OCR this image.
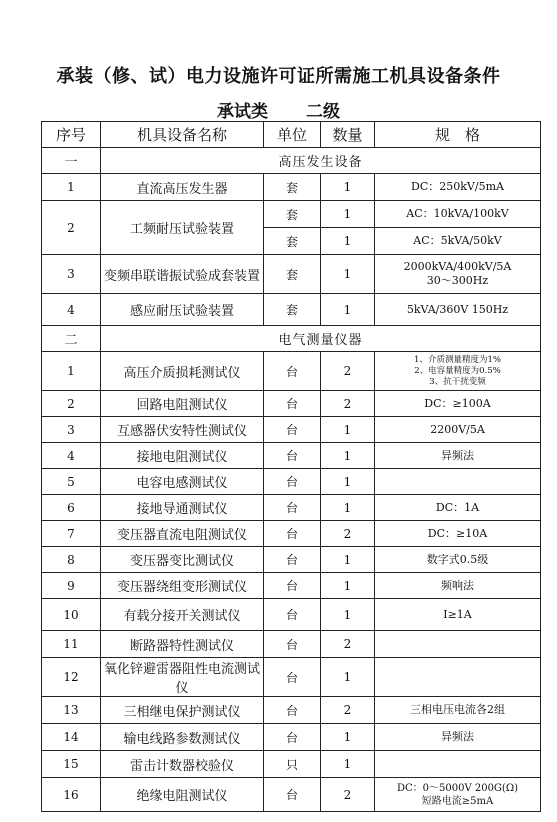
承装（修、试）电力设施许可证所需施工机具设备条件
承试类 二级
序号	机具设备名称	单位	数量	规　格
一	高压发生设备			
1	直流高压发生器	套	1	DC：250kV/5mA
2	工频耐压试验装置	套	1	AC：10kVA/100kV
		套	1	AC：5kVA/50kV
3	变频串联谐振试验成套装置	套	1	2000kVA/400kV/5A
30～300Hz

4	感应耐压试验装置	套	1	5kVA/360V 150Hz
二	电气测量仪器			
1	高压介质损耗测试仪	台	2	1、介质测量精度为1%
2、电容量精度为0.5%
3、抗干扰变频

2	回路电阻测试仪	台	2	DC：≥100A
3	互感器伏安特性测试仪	台	1	2200V/5A
4	接地电阻测试仪	台	1	异频法
5	电容电感测试仪	台	1	
6	接地导通测试仪	台	1	DC：1A
7	变压器直流电阻测试仪	台	2	DC：≥10A
8	变压器变比测试仪	台	1	数字式0.5级
9	变压器绕组变形测试仪	台	1	频响法
10	有载分接开关测试仪	台	1	I≥1A
11	断路器特性测试仪	台	2	
12	氧化锌避雷器阻性电流测试仪	台	1	
13	三相继电保护测试仪	台	2	三相电压电流各2组
14	输电线路参数测试仪	台	1	异频法
15	雷击计数器校验仪	只	1	
16	绝缘电阻测试仪	台	2	DC：0～5000V 200G(Ω)
短路电流≥5mA
